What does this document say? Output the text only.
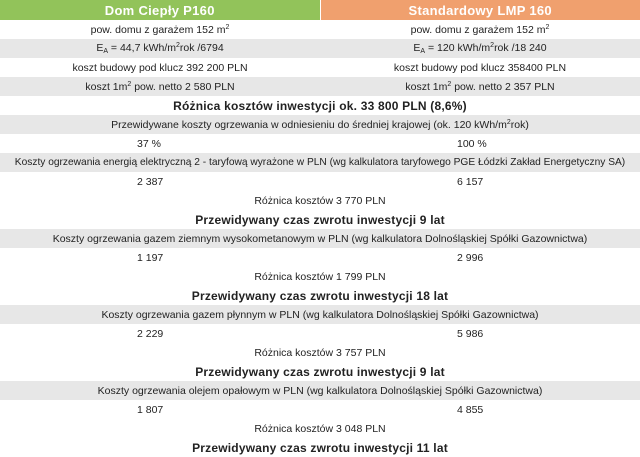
Dom Ciepły P160	Standardowy LMP 160
pow. domu z garażem 152 $m^2$	pow. domu z garażem 152 $m^2$
$E_A = 44,7$ kWh/$m^2rok$ /6794	$E_A = 120$ kWh/$m^2rok$ /18 240
koszt budowy pod klucz 392 200 PLN	koszt budowy pod klucz 358400 PLN
koszt $1m^2$ pow. netto 2 580 PLN	koszt $1m^2$ pow. netto 2 357 PLN
Różnica kosztów inwestycji ok. 33 800 PLN (8,6%)	
Przewidywane koszty ogrzewania w odniesieniu do średniej krajowej (ok. 120 kWh/$m^2rok$)	
37 %	100 %
Koszty ogrzewania energią elektryczną 2 - taryfową wyrażone w PLN (wg kalkulatora taryfowego PGE Łódzki Zakład Energetyczny SA)	
2 387	6 157
Różnica kosztów 3 770 PLN	
Przewidywany czas zwrotu inwestycji 9 lat	
Koszty ogrzewania gazem ziemnym wysokometanowym w PLN (wg kalkulatora Dolnośląskiej Spółki Gazownictwa)	
1 197	2 996
Różnica kosztów 1 799 PLN	
Przewidywany czas zwrotu inwestycji 18 lat	
Koszty ogrzewania gazem płynnym w PLN (wg kalkulatora Dolnośląskiej Spółki Gazownictwa)	
2 229	5 986
Różnica kosztów 3 757 PLN	
Przewidywany czas zwrotu inwestycji 9 lat	
Koszty ogrzewania olejem opałowym w PLN (wg kalkulatora Dolnośląskiej Spółki Gazownictwa)	
1 807	4 855
Różnica kosztów 3 048 PLN	
Przewidywany czas zwrotu inwestycji 11 lat	
